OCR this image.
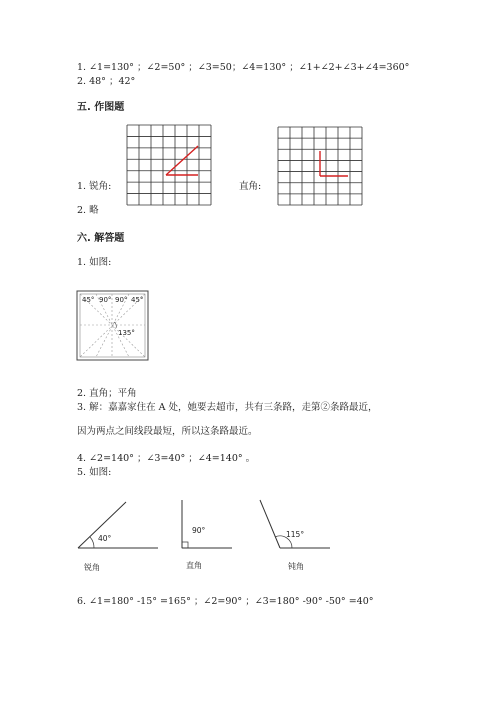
1. ∠1=130° ；∠2=50° ；∠3=50；∠4=130° ；∠1+∠2+∠3+∠4=360°
2. 48° ；42°
五. 作图题
1. 锐角:	直角:
2. 略
六. 解答题
1. 如图:
45° 90° 90° 45°
135°
2. 直角；平角
3. 解：嘉嘉家住在 A 处，她要去超市，共有三条路，走第②条路最近，
因为两点之间线段最短，所以这条路最近。
4. ∠2=140° ；∠3=40° ；∠4=140° 。
5. 如图:
40°
锐角
90°
直角
115°
钝角
6. ∠1=180° -15° =165° ；∠2=90° ；∠3=180° -90° -50° =40°
